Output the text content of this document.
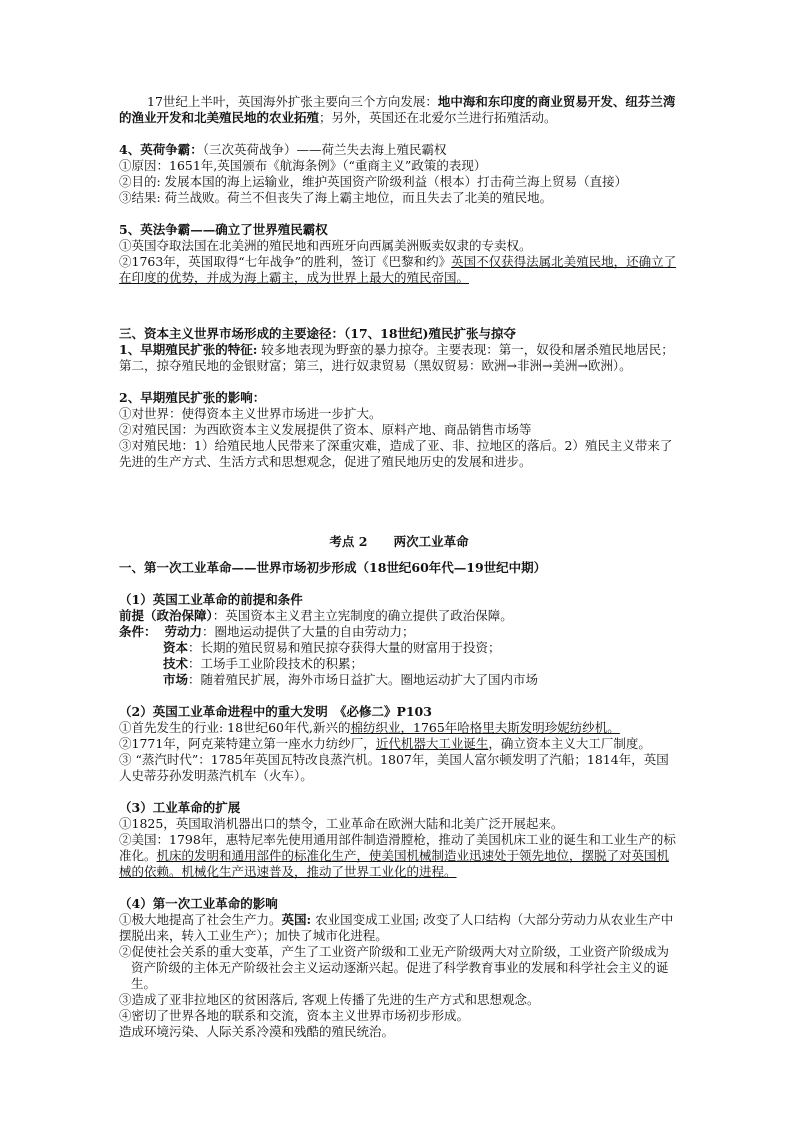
17世纪上半叶，英国海外扩张主要向三个方向发展：地中海和东印度的商业贸易开发、纽芬兰湾的渔业开发和北美殖民地的农业拓殖；另外，英国还在北爱尔兰进行拓殖活动。

4、英荷争霸：（三次英荷战争）——荷兰失去海上殖民霸权

①原因：1651年,英国颁布《航海条例》（“重商主义”政策的表现）

②目的: 发展本国的海上运输业，维护英国资产阶级利益（根本）打击荷兰海上贸易（直接）

③结果: 荷兰战败。荷兰不但丧失了海上霸主地位，而且失去了北美的殖民地。

5、英法争霸——确立了世界殖民霸权

①英国夺取法国在北美洲的殖民地和西班牙向西属美洲贩卖奴隶的专卖权。

②1763年，英国取得“七年战争”的胜利，签订《巴黎和约》英国不仅获得法属北美殖民地，还确立了在印度的优势，并成为海上霸主，成为世界上最大的殖民帝国。

三、资本主义世界市场形成的主要途径：（17、18世纪)殖民扩张与掠夺

1、早期殖民扩张的特征: 较多地表现为野蛮的暴力掠夺。主要表现：第一，奴役和屠杀殖民地居民；第二，掠夺殖民地的金银财富；第三，进行奴隶贸易（黑奴贸易：欧洲→非洲→美洲→欧洲）。

2、早期殖民扩张的影响：

①对世界：使得资本主义世界市场进一步扩大。

②对殖民国：为西欧资本主义发展提供了资本、原料产地、商品销售市场等

③对殖民地：1）给殖民地人民带来了深重灾难，造成了亚、非、拉地区的落后。2）殖民主义带来了先进的生产方式、生活方式和思想观念，促进了殖民地历史的发展和进步。

考点 2 两次工业革命

一、第一次工业革命——世界市场初步形成（18世纪60年代—19世纪中期）

（1）英国工业革命的前提和条件

前提（政治保障）：英国资本主义君主立宪制度的确立提供了政治保障。

条件： 劳动力：圈地运动提供了大量的自由劳动力；

资本：长期的殖民贸易和殖民掠夺获得大量的财富用于投资；

技术：工场手工业阶段技术的积累；

市场：随着殖民扩展，海外市场日益扩大。圈地运动扩大了国内市场

（2）英国工业革命进程中的重大发明　《必修二》P103

①首先发生的行业: 18世纪60年代,新兴的棉纺织业，1765年哈格里夫斯发明珍妮纺纱机。

②1771年，阿克莱特建立第一座水力纺纱厂，近代机器大工业诞生，确立资本主义大工厂制度。

③ “蒸汽时代”：1785年英国瓦特改良蒸汽机。1807年，美国人富尔顿发明了汽船；1814年，英国人史蒂芬孙发明蒸汽机车（火车）。

（3）工业革命的扩展

①1825，英国取消机器出口的禁令，工业革命在欧洲大陆和北美广泛开展起来。

②美国：1798年，惠特尼率先使用通用部件制造滑膛枪，推动了美国机床工业的诞生和工业生产的标准化。机床的发明和通用部件的标准化生产，使美国机械制造业迅速处于领先地位，摆脱了对英国机械的依赖。机械化生产迅速普及，推动了世界工业化的进程。

（4）第一次工业革命的影响

①极大地提高了社会生产力。英国: 农业国变成工业国; 改变了人口结构（大部分劳动力从农业生产中摆脱出来，转入工业生产）；加快了城市化进程。

②促使社会关系的重大变革，产生了工业资产阶级和工业无产阶级两大对立阶级，工业资产阶级成为资产阶级的主体无产阶级社会主义运动逐渐兴起。促进了科学教育事业的发展和科学社会主义的诞生。

③造成了亚非拉地区的贫困落后, 客观上传播了先进的生产方式和思想观念。

④密切了世界各地的联系和交流，资本主义世界市场初步形成。

造成环境污染、人际关系冷漠和残酷的殖民统治。
